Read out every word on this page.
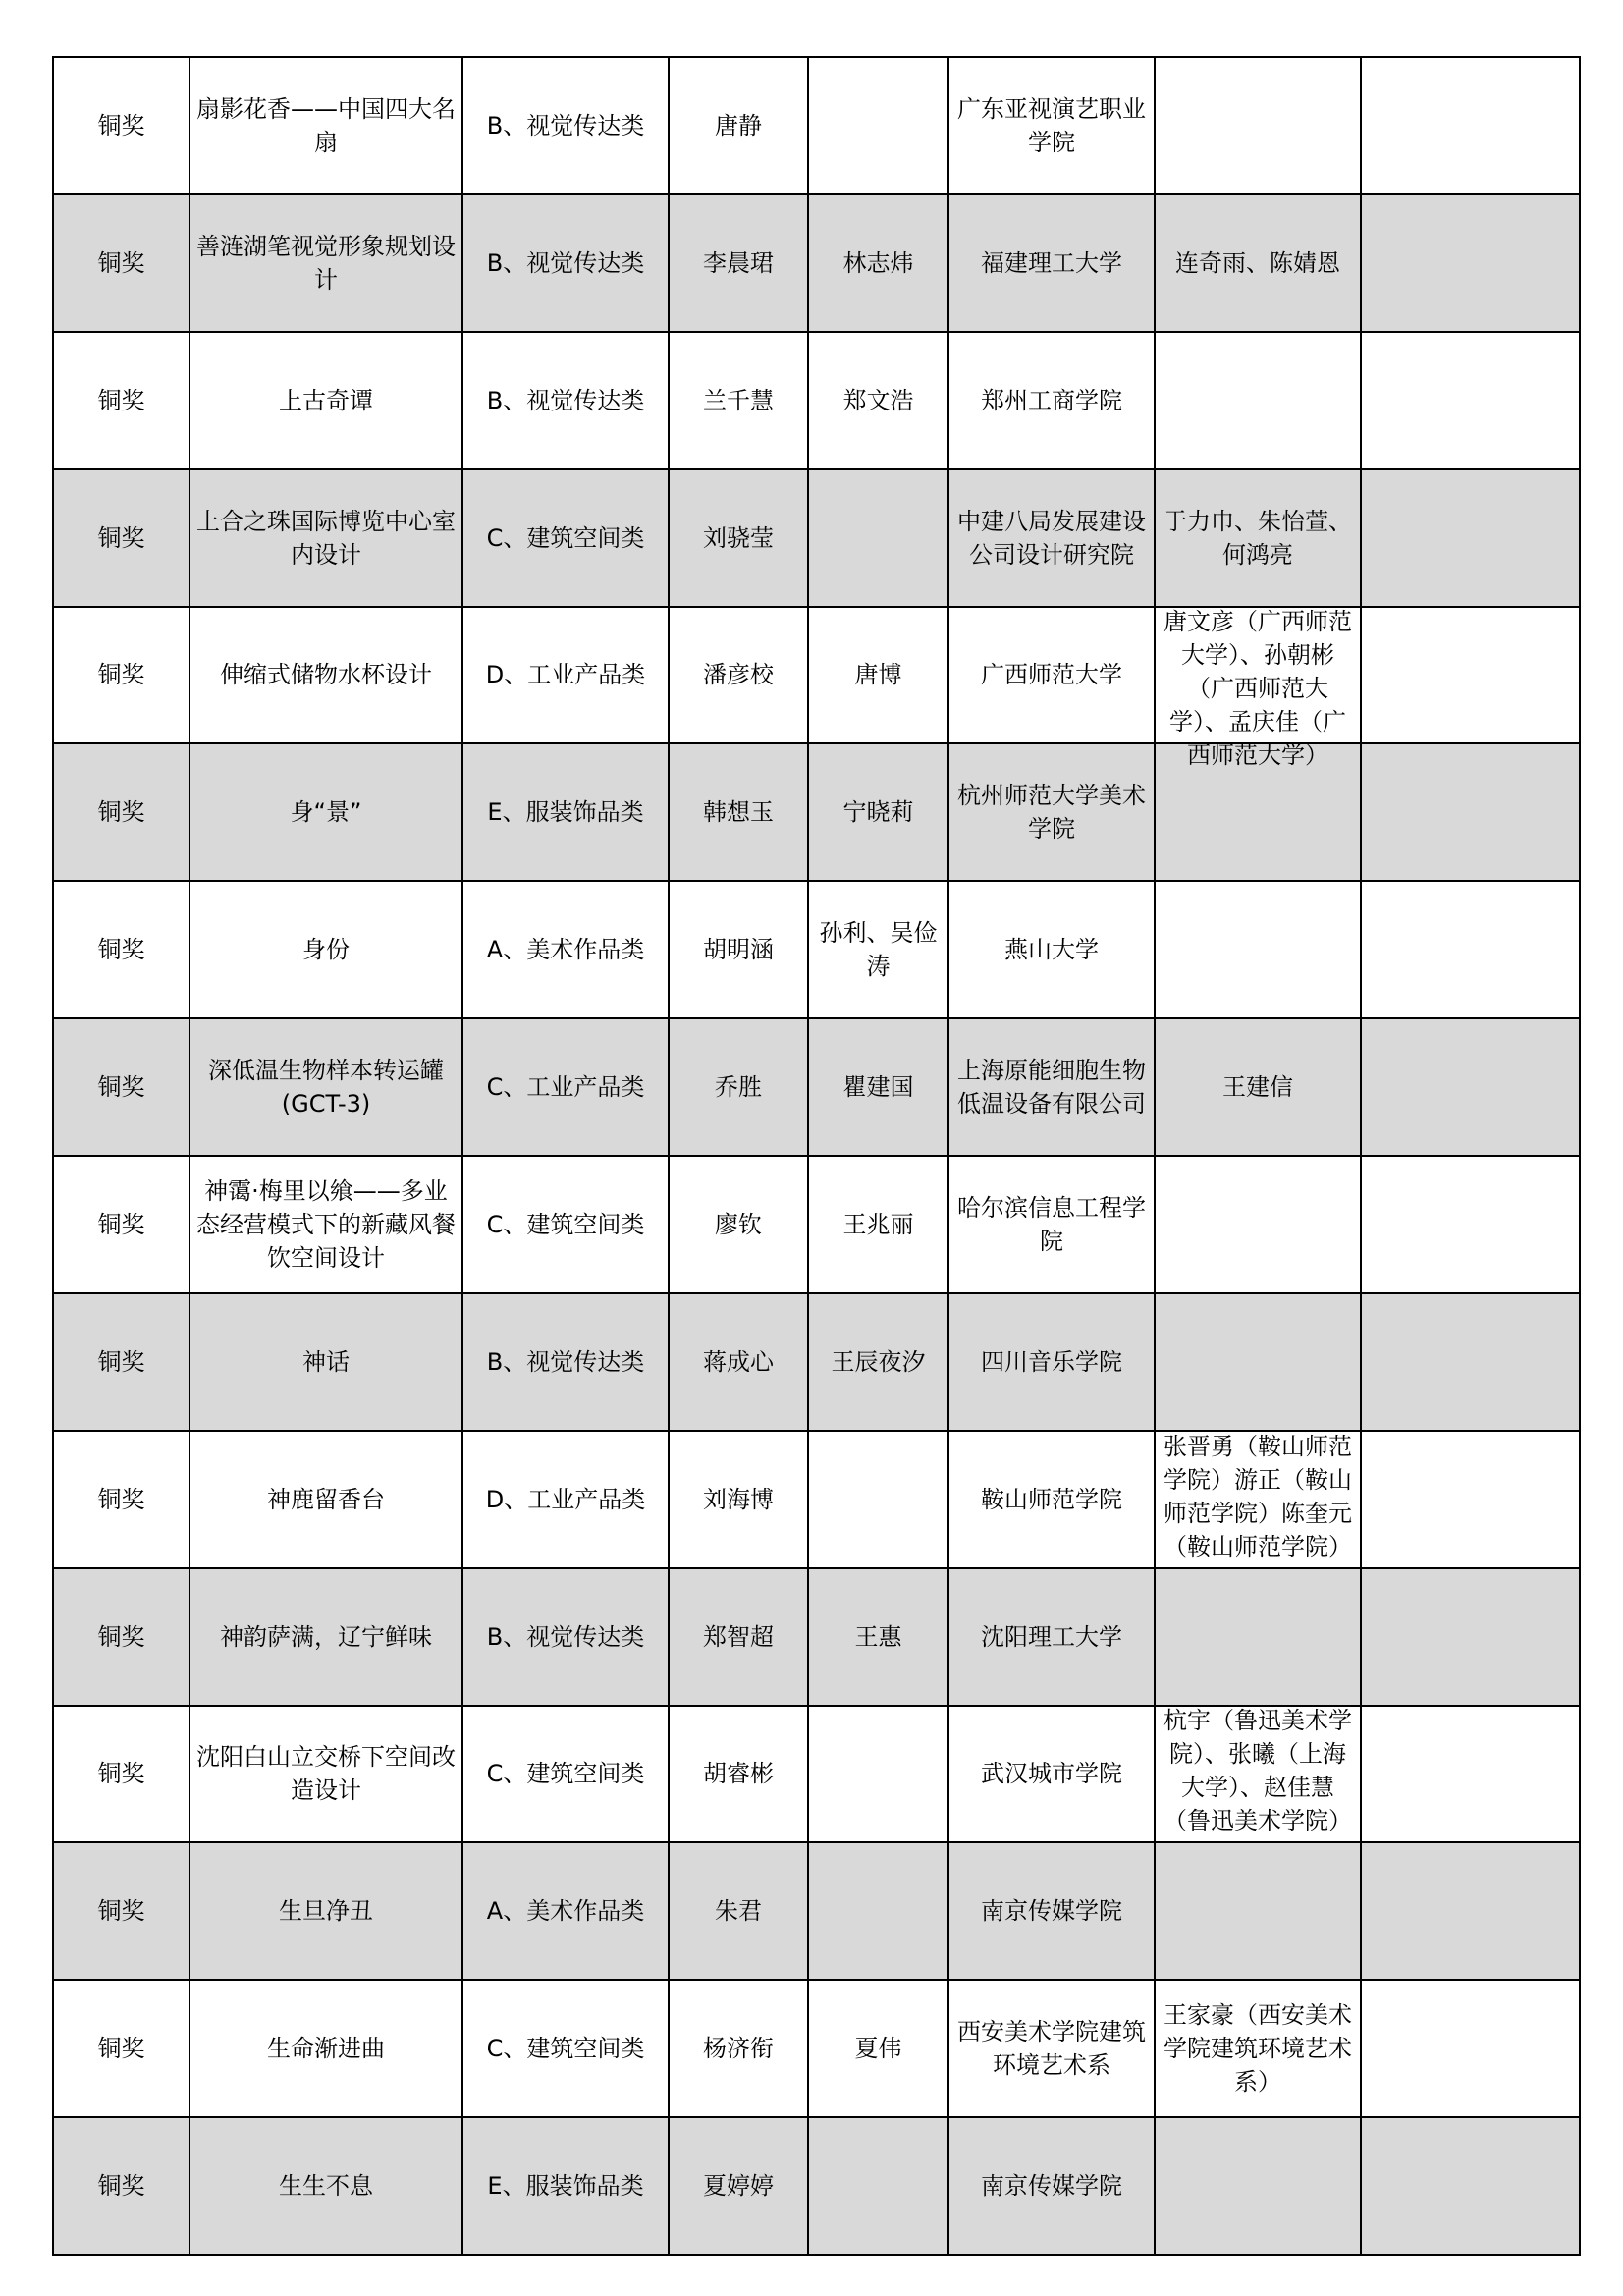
铜奖	扇影花香——中国四大名扇	B、视觉传达类	唐静		广东亚视演艺职业学院		

铜奖	善涟湖笔视觉形象规划设计	B、视觉传达类	李晨珺	林志炜	福建理工大学	连奇雨、陈婧恩	

铜奖	上古奇谭	B、视觉传达类	兰千慧	郑文浩	郑州工商学院		

铜奖	上合之珠国际博览中心室内设计	C、建筑空间类	刘骁莹		中建八局发展建设公司设计研究院	于力巾、朱怡萱、何鸿亮	

铜奖	伸缩式储物水杯设计	D、工业产品类	潘彦校	唐博	广西师范大学	唐文彦（广西师范大学）、孙朝彬（广西师范大学）、孟庆佳（广	

铜奖	身“景”	E、服装饰品类	韩想玉	宁晓莉	杭州师范大学美术学院		

铜奖	身份	A、美术作品类	胡明涵	孙利、吴俭涛	燕山大学		

铜奖	深低温生物样本转运罐(GCT-3)	C、工业产品类	乔胜	瞿建国	上海原能细胞生物低温设备有限公司	王建信	

铜奖	神霭·梅里以飨——多业态经营模式下的新藏风餐饮空间设计	C、建筑空间类	廖钦	王兆丽	哈尔滨信息工程学院		

铜奖	神话	B、视觉传达类	蒋成心	王辰夜汐	四川音乐学院		

铜奖	神鹿留香台	D、工业产品类	刘海博		鞍山师范学院	张晋勇（鞍山师范学院）游正（鞍山师范学院）陈奎元（鞍山师范学院）	

铜奖	神韵萨满，辽宁鲜味	B、视觉传达类	郑智超	王惠	沈阳理工大学		

铜奖	沈阳白山立交桥下空间改造设计	C、建筑空间类	胡睿彬		武汉城市学院	杭宇（鲁迅美术学院）、张曦（上海大学）、赵佳慧（鲁迅美术学院）	

铜奖	生旦净丑	A、美术作品类	朱君		南京传媒学院		

铜奖	生命渐进曲	C、建筑空间类	杨济衔	夏伟	西安美术学院建筑环境艺术系	王家豪（西安美术学院建筑环境艺术系）	

铜奖	生生不息	E、服装饰品类	夏婷婷		南京传媒学院		
